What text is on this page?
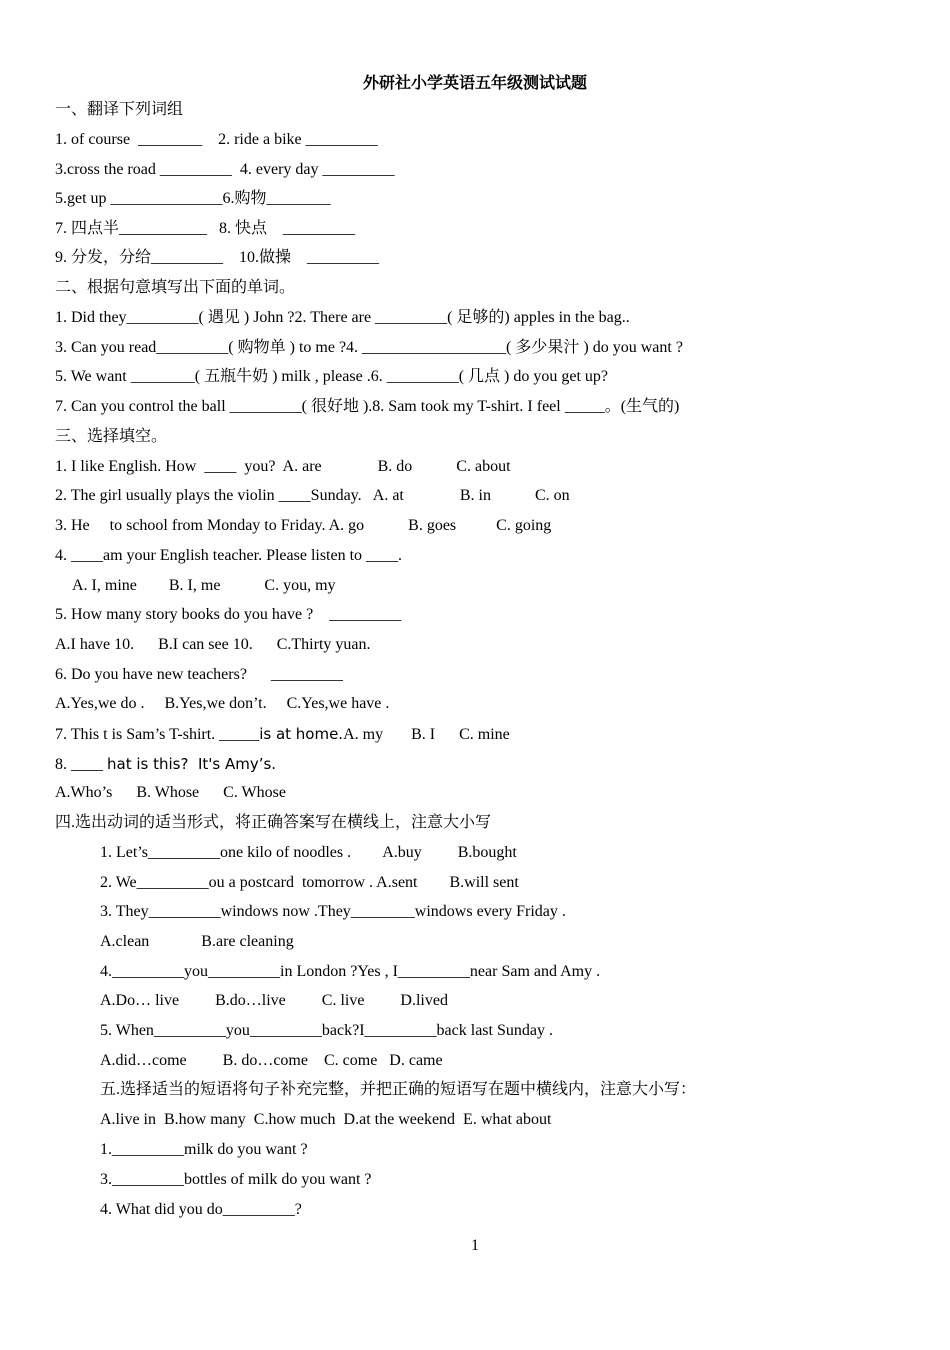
外研社小学英语五年级测试试题
一、翻译下列词组
1. of course  ________    2. ride a bike _________
3.cross the road _________  4. every day _________
5.get up ______________6.购物________
7. 四点半___________   8. 快点    _________
9. 分发，分给_________    10.做操    _________
二、根据句意填写出下面的单词。
1. Did they_________( 遇见 ) John ?2. There are _________( 足够的) apples in the bag..
3. Can you read_________( 购物单 ) to me ?4. __________________( 多少果汁 ) do you want ?
5. We want ________( 五瓶牛奶 ) milk , please .6. _________( 几点 ) do you get up?
7. Can you control the ball _________( 很好地 ).8. Sam took my T-shirt. I feel _____。(生气的)
三、选择填空。
1. I like English. How  ____  you?  A. are              B. do           C. about
2. The girl usually plays the violin ____Sunday.   A. at              B. in           C. on
3. He     to school from Monday to Friday. A. go           B. goes          C. going
4. ____am your English teacher. Please listen to ____.
A. I, mine        B. I, me           C. you, my
5. How many story books do you have ?    _________
A.I have 10.      B.I can see 10.      C.Thirty yuan.
6. Do you have new teachers?      _________
A.Yes,we do .     B.Yes,we don’t.     C.Yes,we have .
7. This t is Sam’s T-shirt. _____is at home.A. my       B. I      C. mine
8. ____ hat is this?  It's Amy’s.
A.Who’s      B. Whose      C. Whose
四.选出动词的适当形式，将正确答案写在横线上，注意大小写
1. Let’s_________one kilo of noodles .        A.buy         B.bought
2. We_________ou a postcard  tomorrow . A.sent        B.will sent
3. They_________windows now .They________windows every Friday .
A.clean             B.are cleaning
4._________you_________in London ?Yes , I_________near Sam and Amy .
A.Do… live         B.do…live         C. live         D.lived
5. When_________you_________back?I_________back last Sunday .
A.did…come         B. do…come    C. come   D. came
五.选择适当的短语将句子补充完整，并把正确的短语写在题中横线内，注意大小写：
A.live in  B.how many  C.how much  D.at the weekend  E. what about
1._________milk do you want ?
3._________bottles of milk do you want ?
4. What did you do_________?
1
